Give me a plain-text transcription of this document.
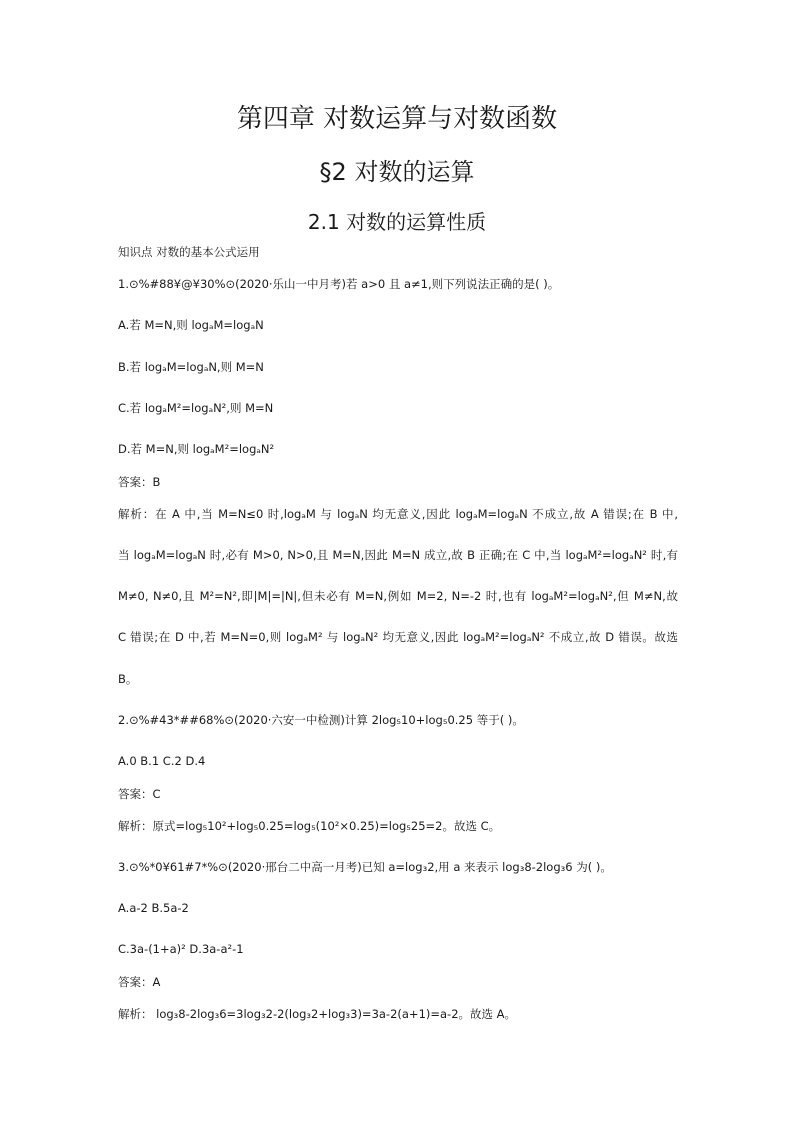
第四章 对数运算与对数函数
§2 对数的运算
2.1 对数的运算性质
知识点 对数的基本公式运用
1.⊙%#88¥@¥30%⊙(2020·乐山一中月考)若 a>0 且 a≠1,则下列说法正确的是( )。
A.若 M=N,则 logₐM=logₐN
B.若 logₐM=logₐN,则 M=N
C.若 logₐM²=logₐN²,则 M=N
D.若 M=N,则 logₐM²=logₐN²
答案：B
解析：在 A 中,当 M=N≤0 时,logₐM 与 logₐN 均无意义,因此 logₐM=logₐN 不成立,故 A 错误;在 B 中,
当 logₐM=logₐN 时,必有 M>0, N>0,且 M=N,因此 M=N 成立,故 B 正确;在 C 中,当 logₐM²=logₐN² 时,有
M≠0, N≠0,且 M²=N²,即|M|=|N|,但未必有 M=N,例如 M=2, N=-2 时,也有 logₐM²=logₐN²,但 M≠N,故
C 错误;在 D 中,若 M=N=0,则 logₐM² 与 logₐN² 均无意义,因此 logₐM²=logₐN² 不成立,故 D 错误。故选
B。
2.⊙%#43*##68%⊙(2020·六安一中检测)计算 2log₅10+log₅0.25 等于( )。
A.0 B.1 C.2 D.4
答案：C
解析：原式=log₅10²+log₅0.25=log₅(10²×0.25)=log₅25=2。故选 C。
3.⊙%*0¥61#7*%⊙(2020·邢台二中高一月考)已知 a=log₃2,用 a 来表示 log₃8-2log₃6 为( )。
A.a-2 B.5a-2
C.3a-(1+a)² D.3a-a²-1
答案：A
解析： log₃8-2log₃6=3log₃2-2(log₃2+log₃3)=3a-2(a+1)=a-2。故选 A。
